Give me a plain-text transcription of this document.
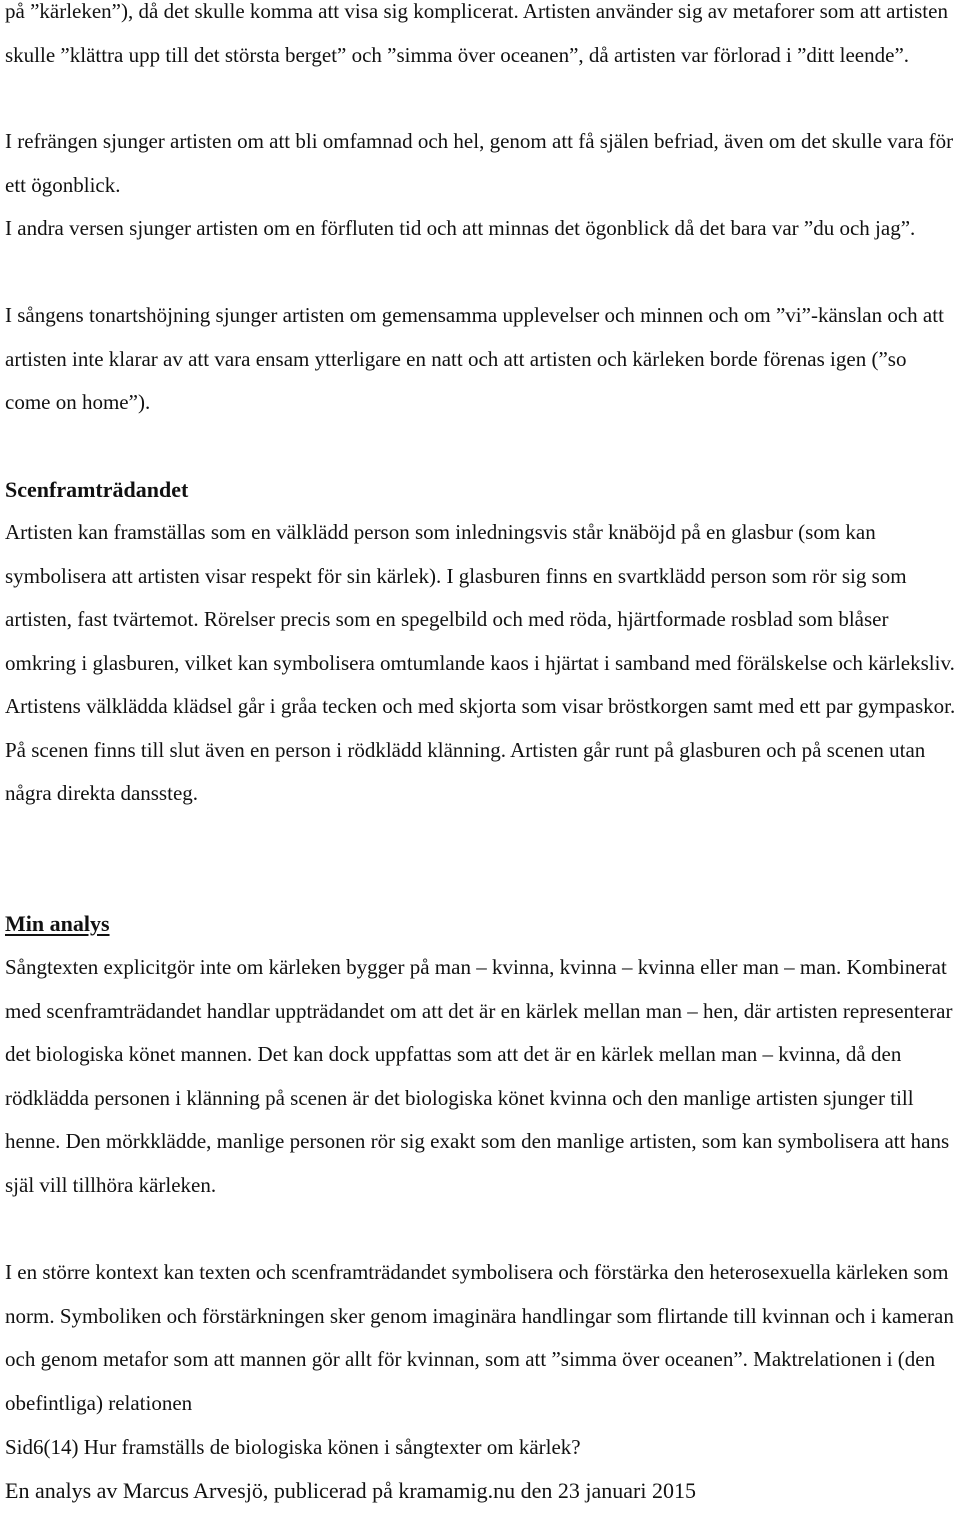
på ”kärleken”), då det skulle komma att visa sig komplicerat. Artisten använder sig av metaforer som att artisten skulle ”klättra upp till det största berget” och ”simma över oceanen”, då artisten var förlorad i ”ditt leende”.

I refrängen sjunger artisten om att bli omfamnad och hel, genom att få själen befriad, även om det skulle vara för ett ögonblick.

I andra versen sjunger artisten om en förfluten tid och att minnas det ögonblick då det bara var ”du och jag”.

I sångens tonartshöjning sjunger artisten om gemensamma upplevelser och minnen och om ”vi”-känslan och att artisten inte klarar av att vara ensam ytterligare en natt och att artisten och kärleken borde förenas igen (”so come on home”).

Scenframträdandet

Artisten kan framställas som en välklädd person som inledningsvis står knäböjd på en glasbur (som kan symbolisera att artisten visar respekt för sin kärlek). I glasburen finns en svartklädd person som rör sig som artisten, fast tvärtemot. Rörelser precis som en spegelbild och med röda, hjärtformade rosblad som blåser omkring i glasburen, vilket kan symbolisera omtumlande kaos i hjärtat i samband med förälskelse och kärleksliv. Artistens välklädda klädsel går i gråa tecken och med skjorta som visar bröstkorgen samt med ett par gympaskor. På scenen finns till slut även en person i rödklädd klänning. Artisten går runt på glasburen och på scenen utan några direkta danssteg.

Min analys

Sångtexten explicitgör inte om kärleken bygger på man – kvinna, kvinna – kvinna eller man – man. Kombinerat med scenframträdandet handlar uppträdandet om att det är en kärlek mellan man – hen, där artisten representerar det biologiska könet mannen. Det kan dock uppfattas som att det är en kärlek mellan man – kvinna, då den rödklädda personen i klänning på scenen är det biologiska könet kvinna och den manlige artisten sjunger till henne. Den mörkklädde, manlige personen rör sig exakt som den manlige artisten, som kan symbolisera att hans själ vill tillhöra kärleken.

I en större kontext kan texten och scenframträdandet symbolisera och förstärka den heterosexuella kärleken som norm. Symboliken och förstärkningen sker genom imaginära handlingar som flirtande till kvinnan och i kameran och genom metafor som att mannen gör allt för kvinnan, som att ”simma över oceanen”. Maktrelationen i (den obefintliga) relationen

Sid6(14) Hur framställs de biologiska könen i sångtexter om kärlek?

En analys av Marcus Arvesjö, publicerad på kramamig.nu den 23 januari 2015
